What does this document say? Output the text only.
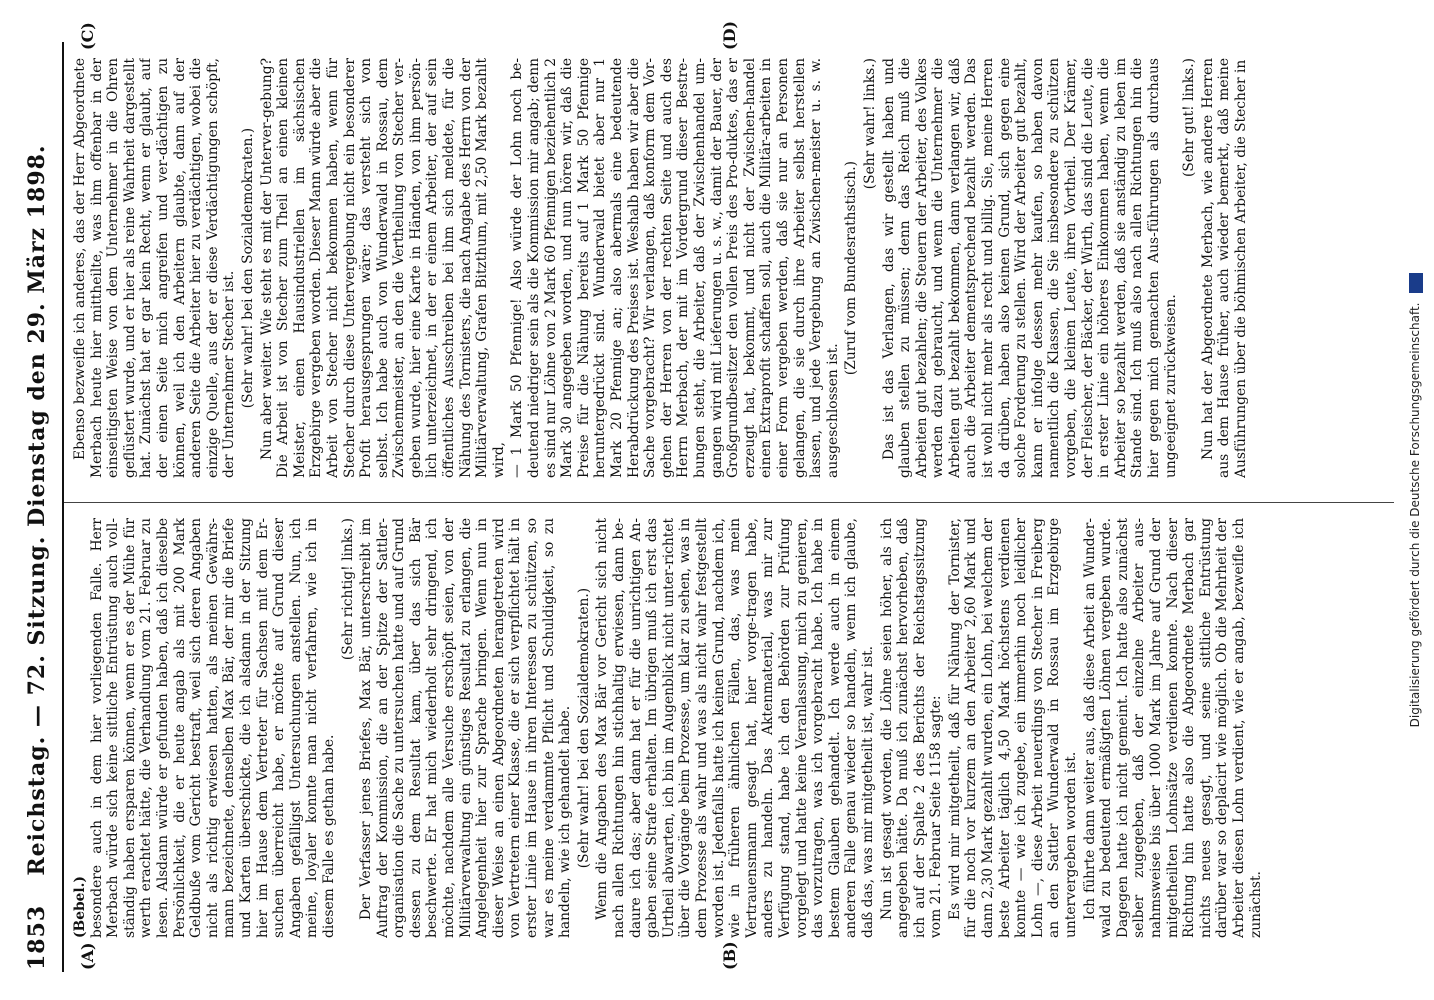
1853
Reichstag. — 72. Sitzung. Dienstag den 29. März 1898.
(A)	(B)
(C)	(D)
(Bebel.) besondere auch in dem hier vorliegenden Falle. Herr Merbach würde sich keine sittliche Entrüstung auch voll-ständig haben ersparen können, wenn er es der Mühe für werth erachtet hätte, die Verhandlung vom 21. Februar zu lesen. Alsdann würde er gefunden haben, daß ich dieselbe Persönlichkeit, die er heute angab als mit 200 Mark Geldbuße vom Gericht bestraft, weil sich deren Angaben nicht als richtig erwiesen hatten, als meinen Gewährs-mann bezeichnete, denselben Max Bär, der mir die Briefe und Karten überschickte, die ich alsdann in der Sitzung hier im Hause dem Vertreter für Sachsen mit dem Er-suchen überreicht habe, er möchte auf Grund dieser Angaben gefälligst Untersuchungen anstellen. Nun, ich meine, loyaler konnte man nicht verfahren, wie ich in diesem Falle es gethan habe.

(Sehr richtig! links.) Der Verfasser jenes Briefes, Max Bär, unterschreibt im Auftrag der Kommission, die an der Spitze der Sattler-organisation die Sache zu untersuchen hatte und auf Grund dessen zu dem Resultat kam, über das sich Bär beschwerte. Er hat mich wiederholt sehr dringend, ich möchte, nachdem alle Versuche erschöpft seien, von der Militärverwaltung ein günstiges Resultat zu erlangen, die Angelegenheit hier zur Sprache bringen. Wenn nun in dieser Weise an einen Abgeordneten herangetreten wird von Vertretern einer Klasse, die er sich verpflichtet hält in erster Linie im Hause in ihren Interessen zu schützen, so war es meine verdammte Pflicht und Schuldigkeit, so zu handeln, wie ich gehandelt habe. (Sehr wahr! bei den Sozialdemokraten.) Wenn die Angaben des Max Bär vor Gericht sich nicht nach allen Richtungen hin stichhaltig erwiesen, dann be-daure ich das; aber dann hat er für die unrichtigen An-gaben seine Strafe erhalten. Im übrigen muß ich erst das Urtheil abwarten, ich bin im Augenblick nicht unter-richtet über die Vorgänge beim Prozesse, um klar zu sehen, was in dem Prozesse als wahr und was als nicht wahr festgestellt worden ist. Jedenfalls hatte ich keinen Grund, nachdem ich, wie in früheren ähnlichen Fällen, das, was mein Vertrauensmann gesagt hat, hier vorge-tragen habe, anders zu handeln. Das Aktenmaterial, was mir zur Verfügung stand, habe ich den Behörden zur Prüfung vorgelegt und hatte keine Veranlassung, mich zu genieren, das vorzutragen, was ich vorgebracht habe. Ich habe in bestem Glauben gehandelt. Ich werde auch in einem anderen Falle genau wieder so handeln, wenn ich glaube, daß das, was mir mitgetheilt ist, wahr ist. Nun ist gesagt worden, die Löhne seien höher, als ich angegeben hätte. Da muß ich zunächst hervorheben, daß ich auf der Spalte 2 des Berichts der Reichstagssitzung vom 21. Februar Seite 1158 sagte: Es wird mir mitgetheilt, daß für Nähung der Tornister, für die noch vor kurzem an den Arbeiter 2,60 Mark und dann 2,30 Mark gezahlt wurden, ein Lohn, bei welchem der beste Arbeiter täglich 4,50 Mark höchstens verdienen konnte — wie ich zugebe, ein immerhin noch leidlicher Lohn —, diese Arbeit neuerdings von Stecher in Freiberg an den Sattler Wunderwald in Rossau im Erzgebirge untervergeben worden ist. Ich führte dann weiter aus, daß diese Arbeit an Wunder-wald zu bedeutend ermäßigten Löhnen vergeben wurde. Dagegen hatte ich nicht gemeint. Ich hatte also zunächst selber zugegeben, daß der einzelne Arbeiter aus-nahmsweise bis über 1000 Mark im Jahre auf Grund der mitgetheilten Lohnsätze verdienen konnte. Nach dieser Richtung hin hatte also die Abgeordnete Merbach gar nichts neues gesagt, und seine sittliche Entrüstung darüber war so deplacirt wie möglich. Ob die Mehrheit der Arbeiter diesen Lohn verdient, wie er angab, bezweifle ich zunächst.

Ebenso bezweifle ich anderes, das der Herr Abgeordnete Merbach heute hier mittheilte, was ihm offenbar in der einseitigsten Weise von dem Unternehmer in die Ohren geflüstert wurde, und er hier als reine Wahrheit dargestellt hat. Zunächst hat er gar kein Recht, wenn er glaubt, auf der einen Seite mich angreifen und ver-dächtigen zu können, weil ich den Arbeitern glaubte, dann auf der anderen Seite die Arbeiter hier zu verdächtigen, wobei die einzige Quelle, aus der er diese Verdächtigungen schöpft, der Unternehmer Stecher ist. (Sehr wahr! bei den Sozialdemokraten.) Nun aber weiter. Wie steht es mit der Unterver-gebung? Die Arbeit ist von Stecher zum Theil an einen kleinen Meister, einen Hausindustriellen im sächsischen Erzgebirge vergeben worden. Dieser Mann würde aber die Arbeit von Stecher nicht bekommen haben, wenn für Stecher durch diese Untervergebung nicht ein besonderer Profit herausgesprungen wäre; das versteht sich von selbst. Ich habe auch von Wunderwald in Rossau, dem Zwischenmeister, an den die Vertheilung von Stecher ver-geben wurde, hier eine Karte in Händen, von ihm persön-lich unterzeichnet, in der er einem Arbeiter, der auf sein öffentliches Ausschreiben bei ihm sich meldete, für die Nähung des Tornisters, die nach Angabe des Herrn von der Militärverwaltung, Grafen Bitzthum, mit 2,50 Mark bezahlt wird, — 1 Mark 50 Pfennige! Also würde der Lohn noch be-deutend niedriger sein als die Kommission mir angab; denn es sind nur Löhne von 2 Mark 60 Pfennigen beziehentlich 2 Mark 30 angegeben worden, und nun hören wir, daß die Preise für die Nähung bereits auf 1 Mark 50 Pfennige heruntergedrückt sind. Wunderwald bietet aber nur 1 Mark 20 Pfennige an; also abermals eine bedeutende Herabdrückung des Preises ist. Weshalb haben wir aber die Sache vorgebracht? Wir verlangen, daß konform dem Vor-gehen der Herren von der rechten Seite und auch des Herrn Merbach, der mit im Vordergrund dieser Bestre-bungen steht, die Arbeiter, daß der Zwischenhandel um-gangen wird mit Lieferungen u. s. w., damit der Bauer, der Großgrundbesitzer den vollen Preis des Pro-duktes, das er erzeugt hat, bekommt, und nicht der Zwischen-handel einen Extraprofit schaffen soll, auch die Militär-arbeiten in einer Form vergeben werden, daß sie nur an Personen gelangen, die sie durch ihre Arbeiter selbst herstellen lassen, und jede Vergebung an Zwischen-meister u. s. w. ausgeschlossen ist.

(Zuruf vom Bundesrathstisch.)

(Sehr wahr! links.) Das ist das Verlangen, das wir gestellt haben und glauben stellen zu müssen; denn das Reich muß die Arbeiten gut bezahlen; die Steuern der Arbeiter, des Volkes werden dazu gebraucht, und wenn die Unternehmer die Arbeiten gut bezahlt bekommen, dann verlangen wir, daß auch die Arbeiter dementsprechend bezahlt werden. Das ist wohl nicht mehr als recht und billig. Sie, meine Herren da drüben, haben also keinen Grund, sich gegen eine solche Forderung zu stellen. Wird der Arbeiter gut bezahlt, kann er infolge dessen mehr kaufen, so haben davon namentlich die Klassen, die Sie insbesondere zu schützen vorgeben, die kleinen Leute, ihren Vortheil. Der Krämer, der Fleischer, der Bäcker, der Wirth, das sind die Leute, die in erster Linie ein höheres Einkommen haben, wenn die Arbeiter so bezahlt werden, daß sie anständig zu leben im Stande sind. Ich muß also nach allen Richtungen hin die hier gegen mich gemachten Aus-führungen als durchaus ungeeignet zurückweisen.

(Sehr gut! links.) Nun hat der Abgeordnete Merbach, wie andere Herren aus dem Hause früher, auch wieder bemerkt, daß meine Ausführungen über die böhmischen Arbeiter, die Stecher in

Digitalisierung gefördert durch die Deutsche Forschungsgemeinschaft.
